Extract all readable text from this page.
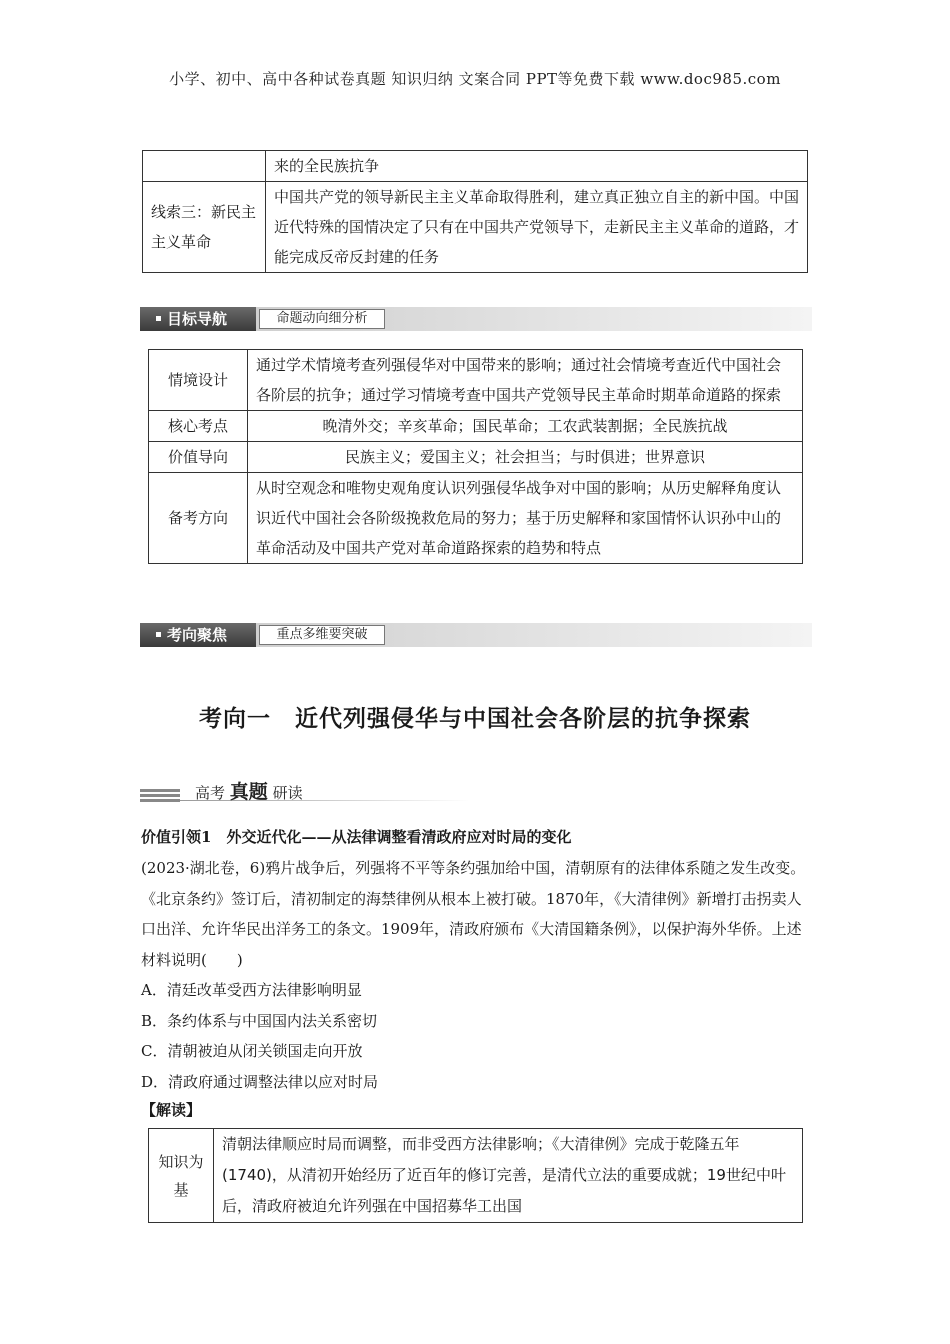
小学、初中、高中各种试卷真题 知识归纳 文案合同 PPT等免费下载 www.doc985.com
	来的全民族抗争
线索三：新民主主义革命	中国共产党的领导新民主主义革命取得胜利，建立真正独立自主的新中国。中国近代特殊的国情决定了只有在中国共产党领导下，走新民主主义革命的道路，才能完成反帝反封建的任务
目标导航	命题动向细分析
情境设计	通过学术情境考查列强侵华对中国带来的影响；通过社会情境考查近代中国社会各阶层的抗争；通过学习情境考查中国共产党领导民主革命时期革命道路的探索
核心考点	晚清外交；辛亥革命；国民革命；工农武装割据；全民族抗战
价值导向	民族主义；爱国主义；社会担当；与时俱进；世界意识
备考方向	从时空观念和唯物史观角度认识列强侵华战争对中国的影响；从历史解释角度认识近代中国社会各阶级挽救危局的努力；基于历史解释和家国情怀认识孙中山的革命活动及中国共产党对革命道路探索的趋势和特点
考向聚焦	重点多维要突破
考向一　近代列强侵华与中国社会各阶层的抗争探索
高考 真题 研读
价值引领1　外交近代化——从法律调整看清政府应对时局的变化
(2023·湖北卷，6)鸦片战争后，列强将不平等条约强加给中国，清朝原有的法律体系随之发生改变。《北京条约》签订后，清初制定的海禁律例从根本上被打破。1870年，《大清律例》新增打击拐卖人口出洋、允许华民出洋务工的条文。1909年，清政府颁布《大清国籍条例》，以保护海外华侨。上述材料说明(　　)
A．清廷改革受西方法律影响明显
B．条约体系与中国国内法关系密切
C．清朝被迫从闭关锁国走向开放
D．清政府通过调整法律以应对时局
【解读】
知识为基	清朝法律顺应时局而调整，而非受西方法律影响；《大清律例》完成于乾隆五年(1740)，从清初开始经历了近百年的修订完善，是清代立法的重要成就；19世纪中叶后，清政府被迫允许列强在中国招募华工出国
